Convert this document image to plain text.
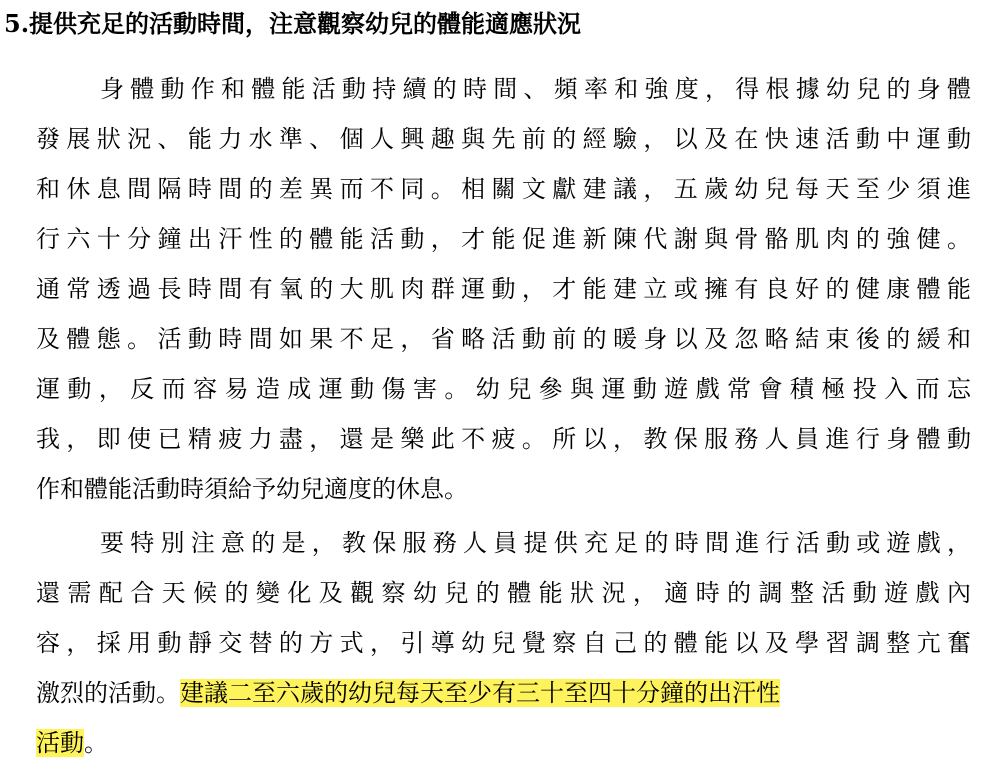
5.提供充足的活動時間，注意觀察幼兒的體能適應狀況
身體動作和體能活動持續的時間、頻率和強度，得根據幼兒的身體
發展狀況、能力水準、個人興趣與先前的經驗，以及在快速活動中運動
和休息間隔時間的差異而不同。相關文獻建議，五歲幼兒每天至少須進
行六十分鐘出汗性的體能活動，才能促進新陳代謝與骨骼肌肉的強健。
通常透過長時間有氧的大肌肉群運動，才能建立或擁有良好的健康體能
及體態。活動時間如果不足，省略活動前的暖身以及忽略結束後的緩和
運動，反而容易造成運動傷害。幼兒參與運動遊戲常會積極投入而忘
我，即使已精疲力盡，還是樂此不疲。所以，教保服務人員進行身體動
作和體能活動時須給予幼兒適度的休息。
要特別注意的是，教保服務人員提供充足的時間進行活動或遊戲，
還需配合天候的變化及觀察幼兒的體能狀況，適時的調整活動遊戲內
容，採用動靜交替的方式，引導幼兒覺察自己的體能以及學習調整亢奮
激烈的活動。建議二至六歲的幼兒每天至少有三十至四十分鐘的出汗性
活動。
